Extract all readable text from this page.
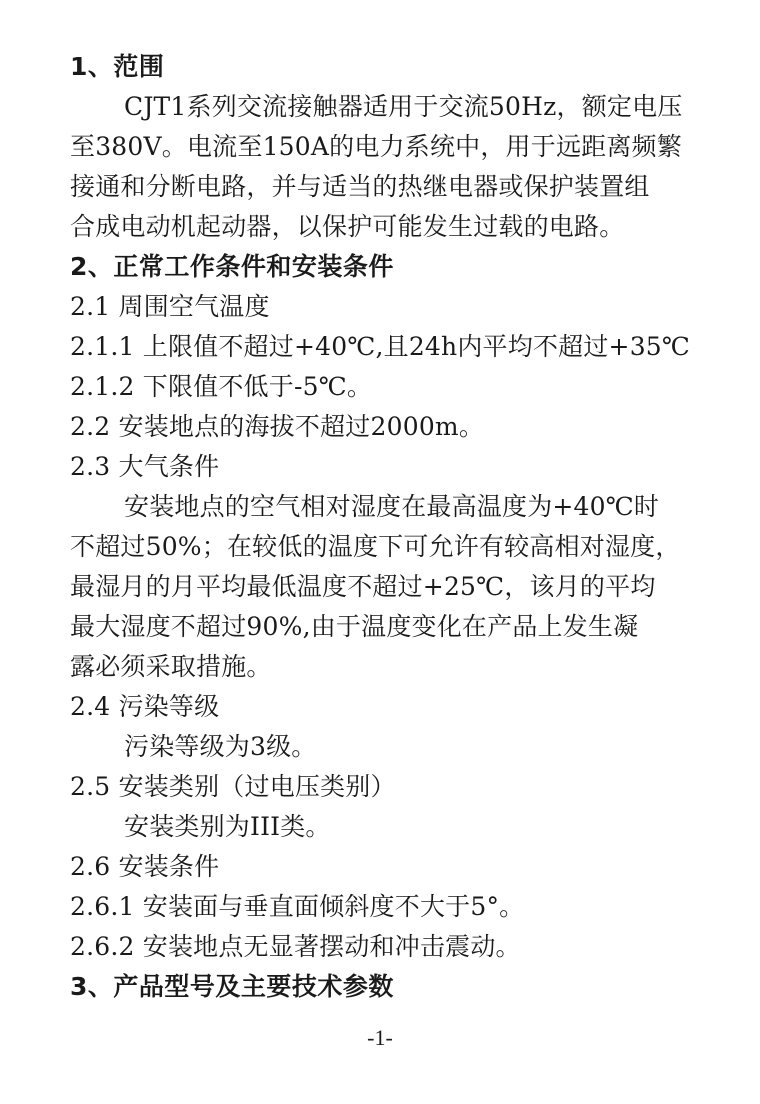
1、范围
CJT1系列交流接触器适用于交流50Hz，额定电压
至380V。电流至150A的电力系统中，用于远距离频繁
接通和分断电路，并与适当的热继电器或保护装置组
合成电动机起动器，以保护可能发生过载的电路。
2、正常工作条件和安装条件
2.1 周围空气温度
2.1.1 上限值不超过+40℃,且24h内平均不超过+35℃
2.1.2 下限值不低于-5℃。
2.2 安装地点的海拔不超过2000m。
2.3 大气条件
安装地点的空气相对湿度在最高温度为+40℃时
不超过50%；在较低的温度下可允许有较高相对湿度，
最湿月的月平均最低温度不超过+25℃，该月的平均
最大湿度不超过90%,由于温度变化在产品上发生凝
露必须采取措施。
2.4 污染等级
污染等级为3级。
2.5 安装类别（过电压类别）
安装类别为III类。
2.6 安装条件
2.6.1 安装面与垂直面倾斜度不大于5°。
2.6.2 安装地点无显著摆动和冲击震动。
3、产品型号及主要技术参数
-1-
